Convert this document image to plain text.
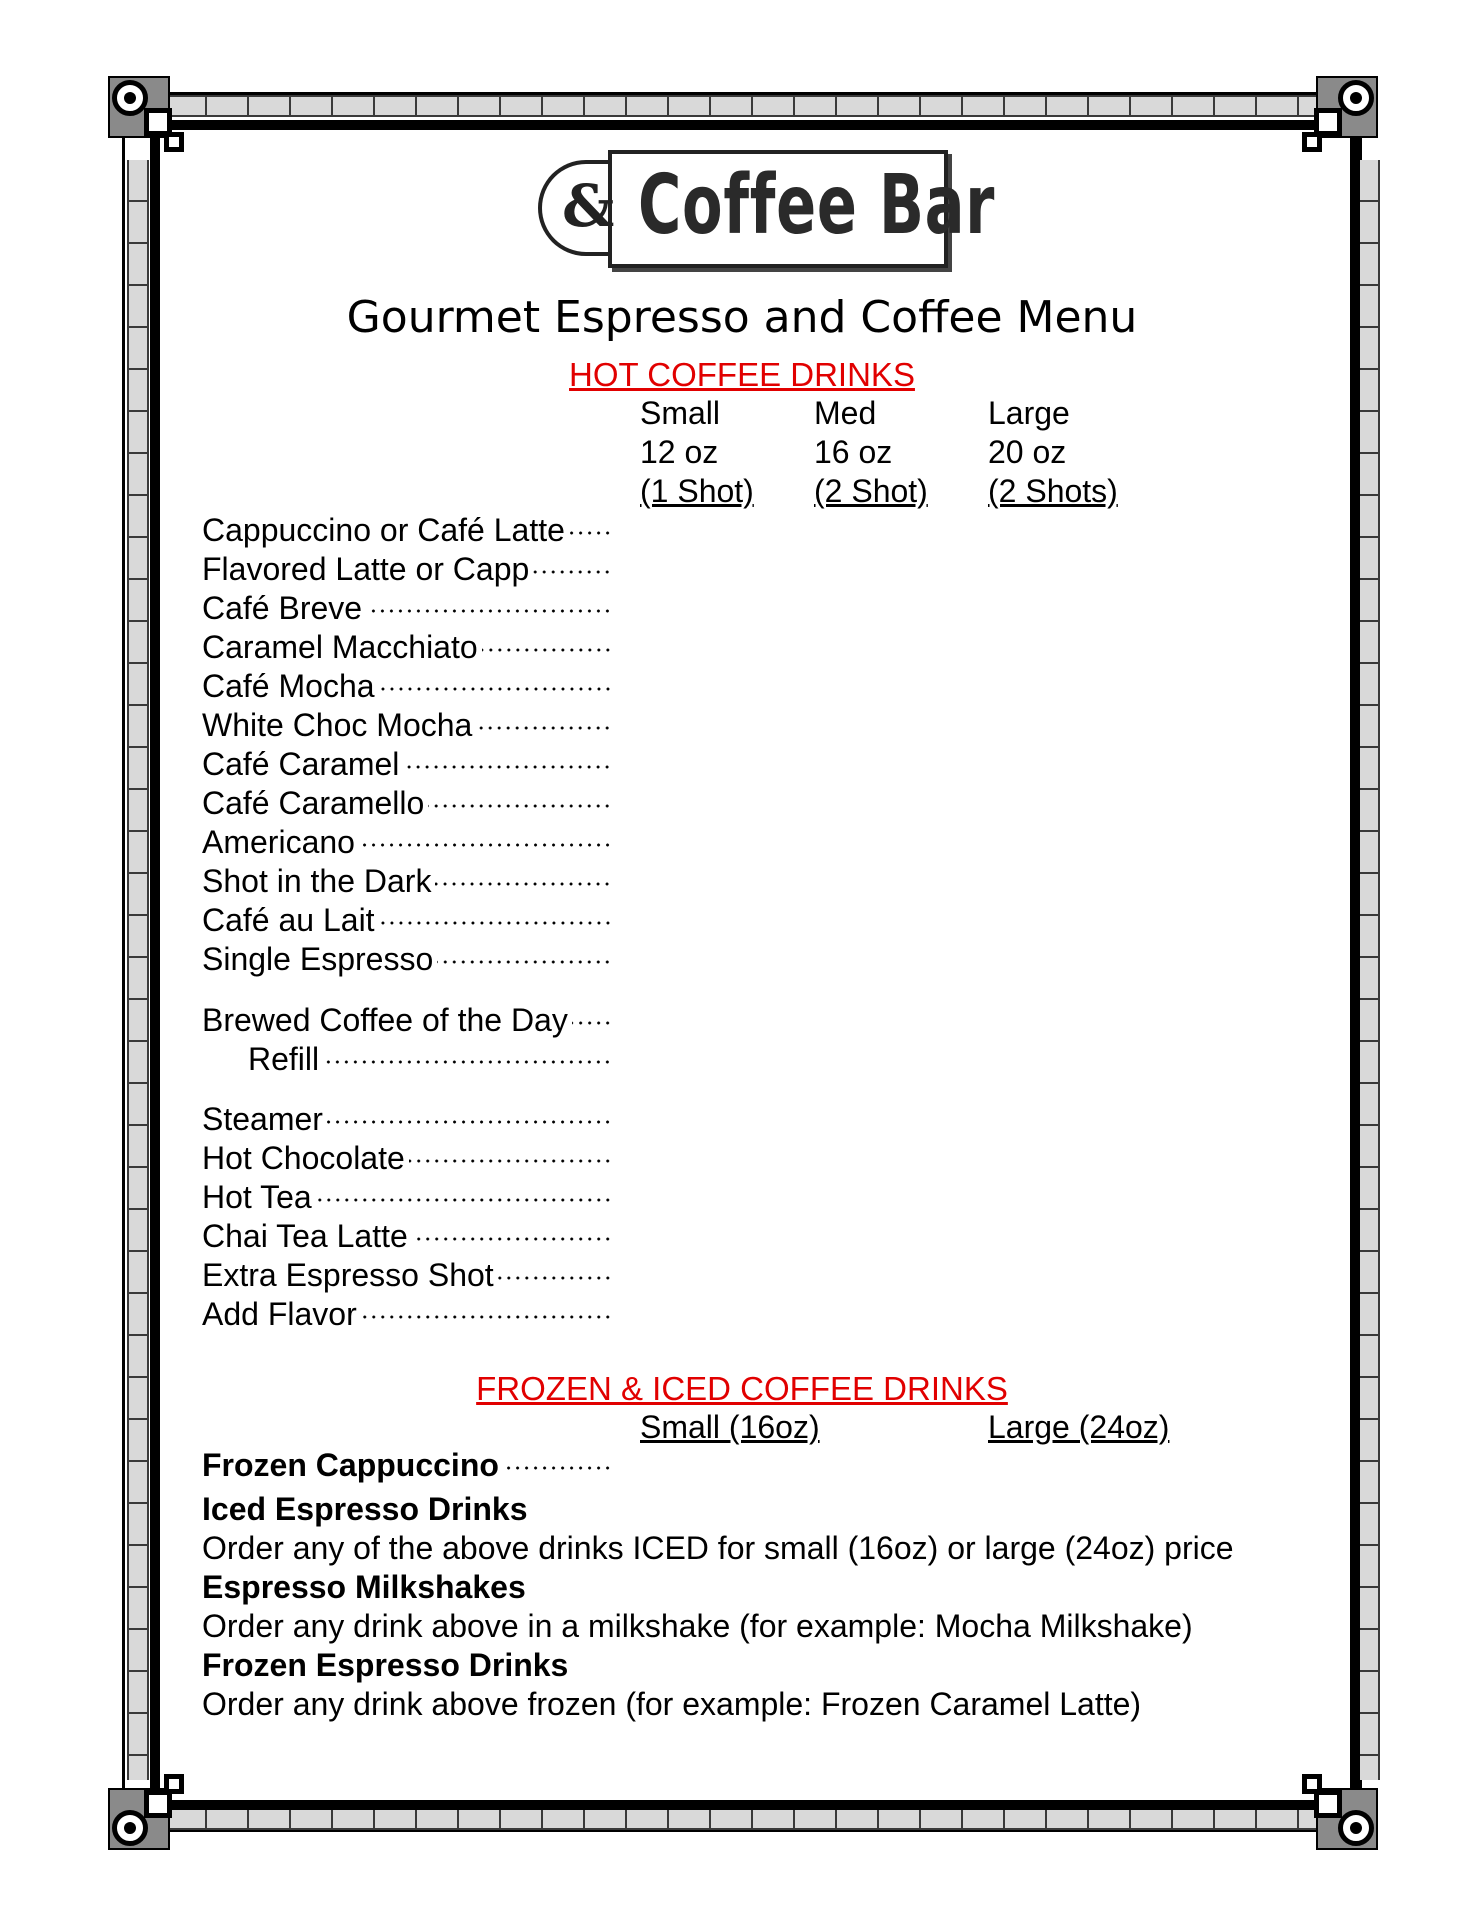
& Coffee Bar
Gourmet Espresso and Coffee Menu
HOT COFFEE DRINKS
Small
12 oz
(1 Shot)
Med
16 oz
(2 Shot)
Large
20 oz
(2 Shots)
Cappuccino or Café Latte
Flavored Latte or Capp
Café Breve
Caramel Macchiato
Café Mocha
White Choc Mocha
Café Caramel
Café Caramello
Americano
Shot in the Dark
Café au Lait
Single Espresso
Brewed Coffee of the Day
Refill
Steamer
Hot Chocolate
Hot Tea
Chai Tea Latte
Extra Espresso Shot
Add Flavor
FROZEN & ICED COFFEE DRINKS
Small (16oz)	Large (24oz)
Frozen Cappuccino
Iced Espresso Drinks
Order any of the above drinks ICED for small (16oz) or large (24oz) price
Espresso Milkshakes
Order any drink above in a milkshake (for example: Mocha Milkshake)
Frozen Espresso Drinks
Order any drink above frozen (for example: Frozen Caramel Latte)
